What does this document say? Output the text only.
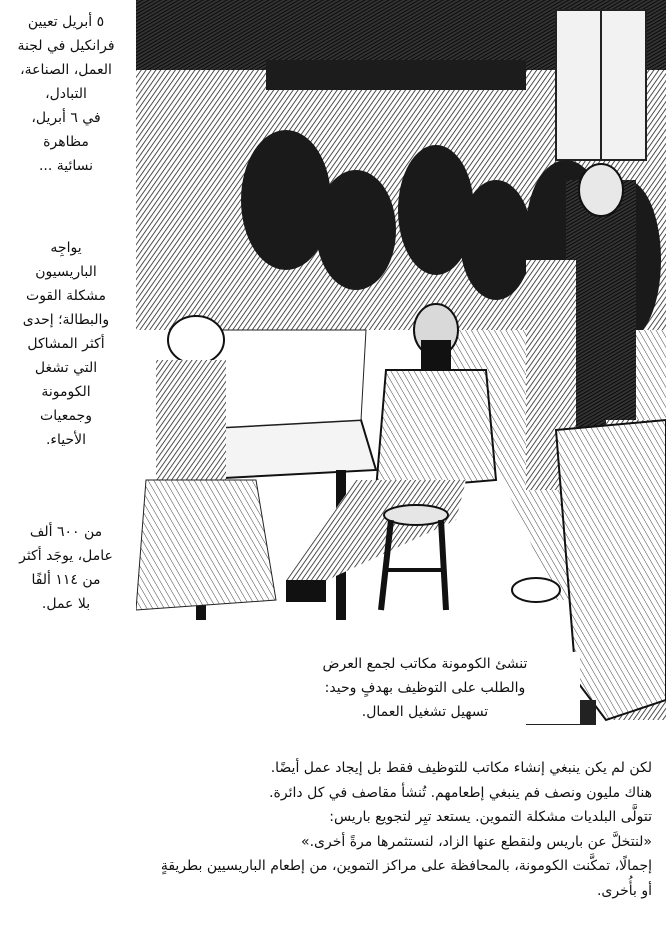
٥ أبريل تعيين
فرانكيل في لجنة
العمل، الصناعة،
التبادل،
في ٦ أبريل،
مظاهرة
نسائية ...
يواجِه
الباريسيون
مشكلة القوت
والبطالة؛ إحدى
أكثر المشاكل
التي تشغل
الكومونة
وجمعيات
الأحياء.
من ٦٠٠ ألف
عامل، يوجَد أكثر
من ١١٤ ألفًا
بلا عمل.
تنشئ الكومونة مكاتب لجمع العرض
والطلب على التوظيف بهدفٍ وحيد:
تسهيل تشغيل العمال.
لكن لم يكن ينبغي إنشاء مكاتب للتوظيف فقط بل إيجاد عمل أيضًا.
هناك مليون ونصف فم ينبغي إطعامهم. تُنشأ مقاصف في كل دائرة.
تتولَّى البلديات مشكلة التموين. يستعد تيِر لتجويع باريس:
«لنتخلَّ عن باريس ولنقطع عنها الزاد، لنستثمرها مرةً أخرى.»
إجمالًا، تمكَّنت الكومونة، بالمحافظة على مراكز التموين، من إطعام الباريسيين بطريقةٍ
أو بأُخرى.
